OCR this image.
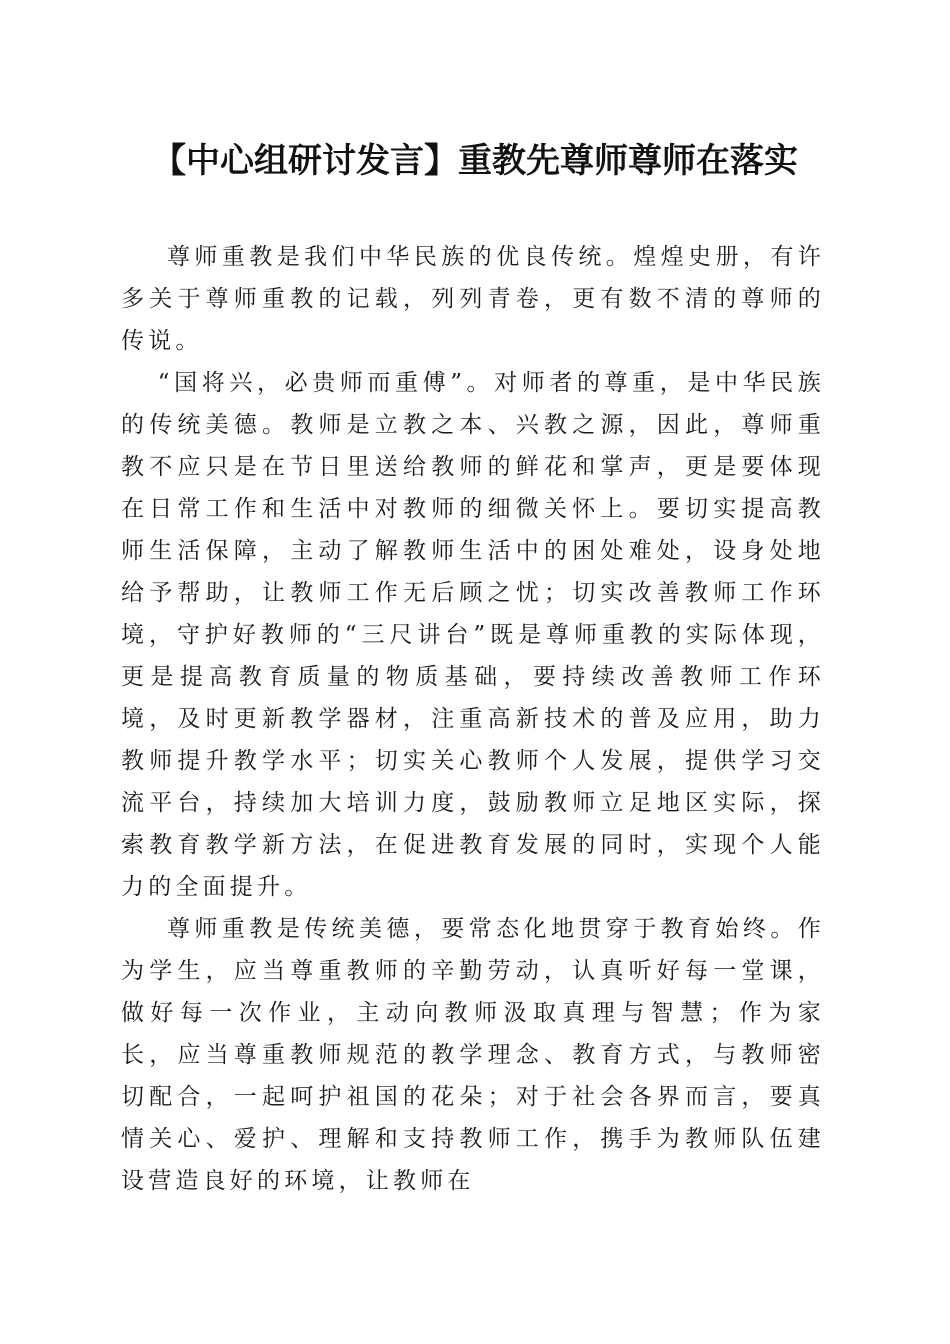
【中心组研讨发言】重教先尊师尊师在落实

尊师重教是我们中华民族的优良传统。煌煌史册，有许多关于尊师重教的记载，列列青卷，更有数不清的尊师的传说。

“国将兴，必贵师而重傅”。对师者的尊重，是中华民族的传统美德。教师是立教之本、兴教之源，因此，尊师重教不应只是在节日里送给教师的鲜花和掌声，更是要体现在日常工作和生活中对教师的细微关怀上。要切实提高教师生活保障，主动了解教师生活中的困处难处，设身处地给予帮助，让教师工作无后顾之忧；切实改善教师工作环境，守护好教师的“三尺讲台”既是尊师重教的实际体现，更是提高教育质量的物质基础，要持续改善教师工作环境，及时更新教学器材，注重高新技术的普及应用，助力教师提升教学水平；切实关心教师个人发展，提供学习交流平台，持续加大培训力度，鼓励教师立足地区实际，探索教育教学新方法，在促进教育发展的同时，实现个人能力的全面提升。

尊师重教是传统美德，要常态化地贯穿于教育始终。作为学生，应当尊重教师的辛勤劳动，认真听好每一堂课，做好每一次作业，主动向教师汲取真理与智慧；作为家长，应当尊重教师规范的教学理念、教育方式，与教师密切配合，一起呵护祖国的花朵；对于社会各界而言，要真情关心、爱护、理解和支持教师工作，携手为教师队伍建设营造良好的环境，让教师在
